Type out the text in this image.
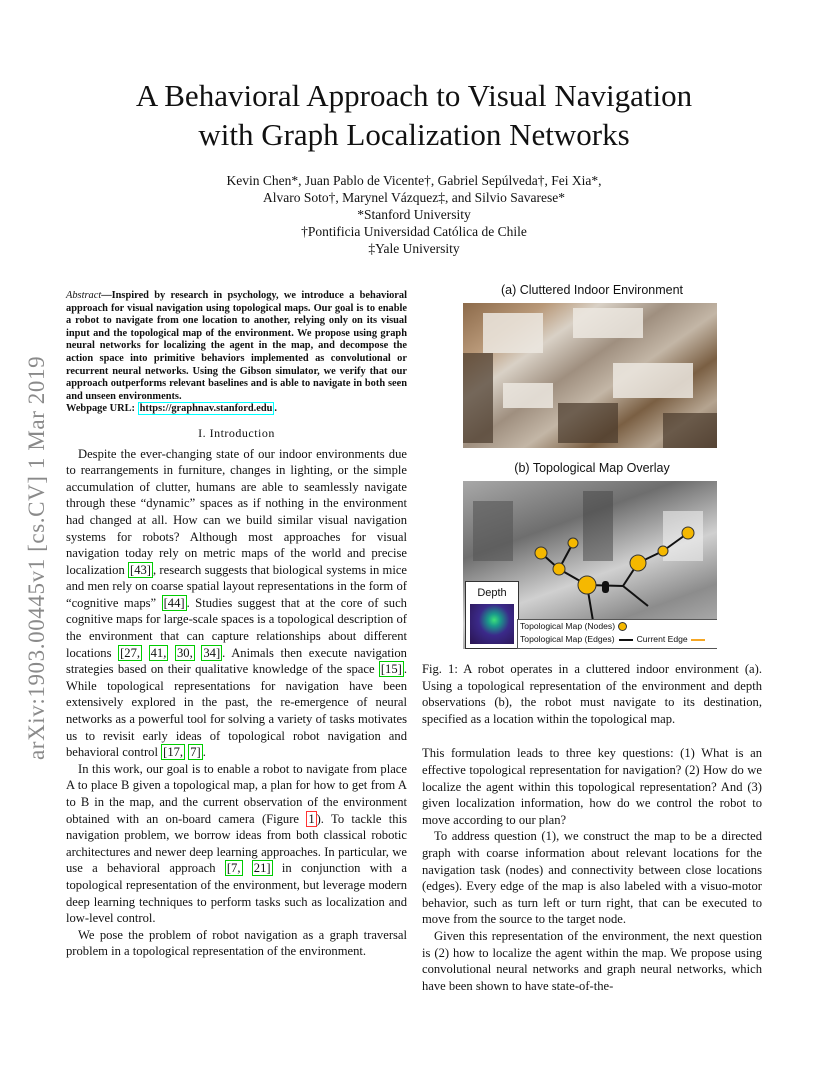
arXiv:1903.00445v1 [cs.CV] 1 Mar 2019
A Behavioral Approach to Visual Navigation
with Graph Localization Networks
Kevin Chen*, Juan Pablo de Vicente†, Gabriel Sepúlveda†, Fei Xia*,
Alvaro Soto†, Marynel Vázquez‡, and Silvio Savarese*
*Stanford University
†Pontificia Universidad Católica de Chile
‡Yale University
Abstract—Inspired by research in psychology, we introduce a behavioral approach for visual navigation using topological maps. Our goal is to enable a robot to navigate from one location to another, relying only on its visual input and the topological map of the environment. We propose using graph neural networks for localizing the agent in the map, and decompose the action space into primitive behaviors implemented as convolutional or recurrent neural networks. Using the Gibson simulator, we verify that our approach outperforms relevant baselines and is able to navigate in both seen and unseen environments.
Webpage URL: https://graphnav.stanford.edu .
I. Introduction

Despite the ever-changing state of our indoor environments due to rearrangements in furniture, changes in lighting, or the simple accumulation of clutter, humans are able to seamlessly navigate through these “dynamic” spaces as if nothing in the environment had changed at all. How can we build similar visual navigation systems for robots? Although most approaches for visual navigation today rely on metric maps of the world and precise localization [43] , research suggests that biological systems in mice and men rely on coarse spatial layout representations in the form of “cognitive maps” [44] . Studies suggest that at the core of such cognitive maps for large-scale spaces is a topological description of the environment that can capture relationships about different locations [27, 41, 30, 34] . Animals then execute navigation strategies based on their qualitative knowledge of the space [15] . While topological representations for navigation have been extensively explored in the past, the re-emergence of neural networks as a powerful tool for solving a variety of tasks motivates us to revisit early ideas of topological robot navigation and behavioral control [17, 7] .

In this work, our goal is to enable a robot to navigate from place A to place B given a topological map, a plan for how to get from A to B in the map, and the current observation of the environment obtained with an on-board camera (Figure 1 ). To tackle this navigation problem, we borrow ideas from both classical robotic architectures and newer deep learning approaches. In particular, we use a behavioral approach [7, 21] in conjunction with a topological representation of the environment, but leverage modern deep learning techniques to perform tasks such as localization and low-level control.

We pose the problem of robot navigation as a graph traversal problem in a topological representation of the environment.

(a) Cluttered Indoor Environment
(b) Topological Map Overlay
Depth
Topological Map (Nodes)
Topological Map (Edges)	Current Edge
Fig. 1: A robot operates in a cluttered indoor environment (a). Using a topological representation of the environment and depth observations (b), the robot must navigate to its destination, specified as a location within the topological map.

This formulation leads to three key questions: (1) What is an effective topological representation for navigation? (2) How do we localize the agent within this topological representation? And (3) given localization information, how do we control the robot to move according to our plan?

To address question (1), we construct the map to be a directed graph with coarse information about relevant locations for the navigation task (nodes) and connectivity between close locations (edges). Every edge of the map is also labeled with a visuo-motor behavior, such as turn left or turn right, that can be executed to move from the source to the target node.

Given this representation of the environment, the next question is (2) how to localize the agent within the map. We propose using convolutional neural networks and graph neural networks, which have been shown to have state-of-the-
